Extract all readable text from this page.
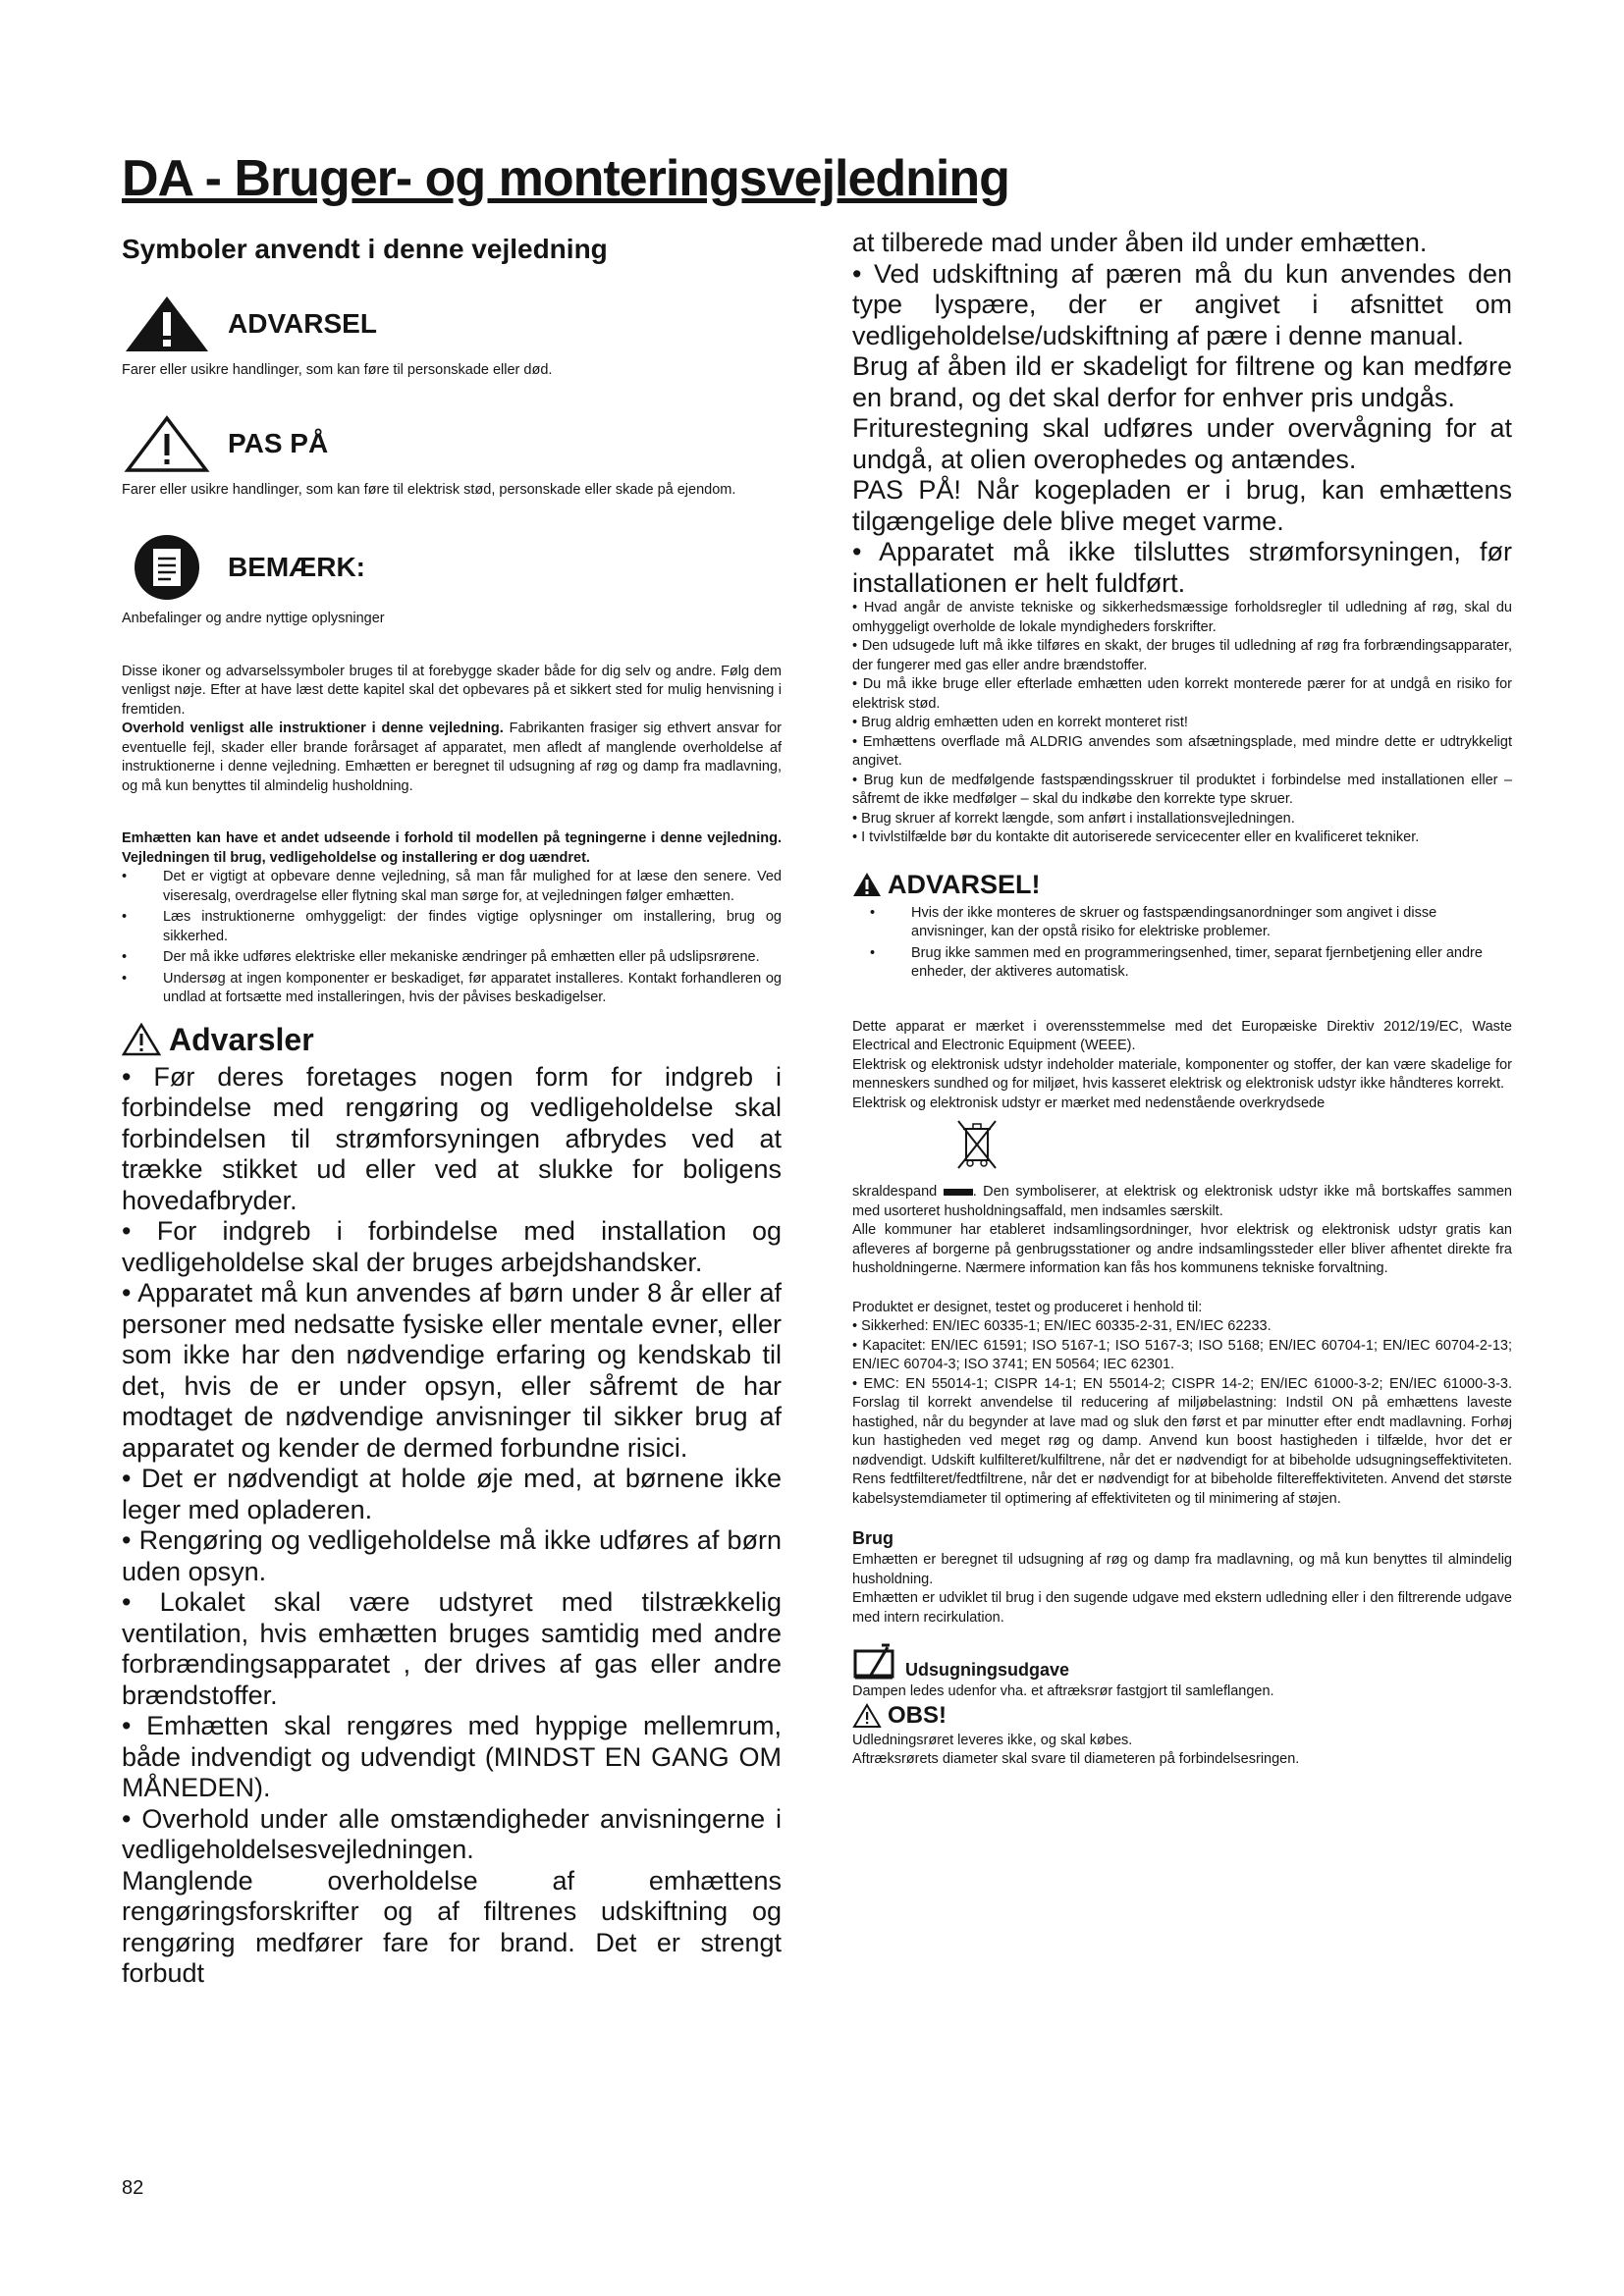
DA - Bruger- og monteringsvejledning
Symboler anvendt i denne vejledning
ADVARSEL

Farer eller usikre handlinger, som kan føre til personskade eller død.

PAS PÅ

Farer eller usikre handlinger, som kan føre til elektrisk stød, personskade eller skade på ejendom.

BEMÆRK:

Anbefalinger og andre nyttige oplysninger

Disse ikoner og advarselssymboler bruges til at forebygge skader både for dig selv og andre. Følg dem venligst nøje. Efter at have læst dette kapitel skal det opbevares på et sikkert sted for mulig henvisning i fremtiden.

Overhold venligst alle instruktioner i denne vejledning. Fabrikanten frasiger sig ethvert ansvar for eventuelle fejl, skader eller brande forårsaget af apparatet, men afledt af manglende overholdelse af instruktionerne i denne vejledning. Emhætten er beregnet til udsugning af røg og damp fra madlavning, og må kun benyttes til almindelig husholdning.

Emhætten kan have et andet udseende i forhold til modellen på tegningerne i denne vejledning. Vejledningen til brug, vedligeholdelse og installering er dog uændret.

• Det er vigtigt at opbevare denne vejledning, så man får mulighed for at læse den senere. Ved viseresalg, overdragelse eller flytning skal man sørge for, at vejledningen følger emhætten.
• Læs instruktionerne omhyggeligt: der findes vigtige oplysninger om installering, brug og sikkerhed.
• Der må ikke udføres elektriske eller mekaniske ændringer på emhætten eller på udslipsrørene.
• Undersøg at ingen komponenter er beskadiget, før apparatet installeres. Kontakt forhandleren og undlad at fortsætte med installeringen, hvis der påvises beskadigelser.
Advarsler

• Før deres foretages nogen form for indgreb i forbindelse med rengøring og vedligeholdelse skal forbindelsen til strømforsyningen afbrydes ved at trække stikket ud eller ved at slukke for boligens hovedafbryder.

• For indgreb i forbindelse med installation og vedligeholdelse skal der bruges arbejdshandsker.

• Apparatet må kun anvendes af børn under 8 år eller af personer med nedsatte fysiske eller mentale evner, eller som ikke har den nødvendige erfaring og kendskab til det, hvis de er under opsyn, eller såfremt de har modtaget de nødvendige anvisninger til sikker brug af apparatet og kender de dermed forbundne risici.

• Det er nødvendigt at holde øje med, at børnene ikke leger med opladeren.

• Rengøring og vedligeholdelse må ikke udføres af børn uden opsyn.

• Lokalet skal være udstyret med tilstrækkelig ventilation, hvis emhætten bruges samtidig med andre forbrændingsapparatet , der drives af gas eller andre brændstoffer.

• Emhætten skal rengøres med hyppige mellemrum, både indvendigt og udvendigt (MINDST EN GANG OM MÅNEDEN).

• Overhold under alle omstændigheder anvisningerne i vedligeholdelsesvejledningen.

Manglende overholdelse af emhættens rengøringsforskrifter og af filtrenes udskiftning og rengøring medfører fare for brand. Det er strengt forbudt

at tilberede mad under åben ild under emhætten.

• Ved udskiftning af pæren må du kun anvendes den type lyspære, der er angivet i afsnittet om vedligeholdelse/udskiftning af pære i denne manual.

Brug af åben ild er skadeligt for filtrene og kan medføre en brand, og det skal derfor for enhver pris undgås.

Friturestegning skal udføres under overvågning for at undgå, at olien overophedes og antændes.

PAS PÅ! Når kogepladen er i brug, kan emhættens tilgængelige dele blive meget varme.

• Apparatet må ikke tilsluttes strømforsyningen, før installationen er helt fuldført.

• Hvad angår de anviste tekniske og sikkerhedsmæssige forholdsregler til udledning af røg, skal du omhyggeligt overholde de lokale myndigheders forskrifter.

• Den udsugede luft må ikke tilføres en skakt, der bruges til udledning af røg fra forbrændingsapparater, der fungerer med gas eller andre brændstoffer.

• Du må ikke bruge eller efterlade emhætten uden korrekt monterede pærer for at undgå en risiko for elektrisk stød.

• Brug aldrig emhætten uden en korrekt monteret rist!

• Emhættens overflade må ALDRIG anvendes som afsætningsplade, med mindre dette er udtrykkeligt angivet.

• Brug kun de medfølgende fastspændingsskruer til produktet i forbindelse med installationen eller – såfremt de ikke medfølger – skal du indkøbe den korrekte type skruer.

• Brug skruer af korrekt længde, som anført i installationsvejledningen.

• I tvivlstilfælde bør du kontakte dit autoriserede servicecenter eller en kvalificeret tekniker.

ADVARSEL!
• Hvis der ikke monteres de skruer og fastspændingsanordninger som angivet i disse anvisninger, kan der opstå risiko for elektriske problemer.
• Brug ikke sammen med en programmeringsenhed, timer, separat fjernbetjening eller andre enheder, der aktiveres automatisk.

Dette apparat er mærket i overensstemmelse med det Europæiske Direktiv 2012/19/EC, Waste Electrical and Electronic Equipment (WEEE).

Elektrisk og elektronisk udstyr indeholder materiale, komponenter og stoffer, der kan være skadelige for menneskers sundhed og for miljøet, hvis kasseret elektrisk og elektronisk udstyr ikke håndteres korrekt.

Elektrisk og elektronisk udstyr er mærket med nedenstående overkrydsede

skraldespand	. Den symboliserer, at elektrisk og elektronisk udstyr ikke må bortskaffes sammen med usorteret husholdningsaffald, men indsamles særskilt.

Alle kommuner har etableret indsamlingsordninger, hvor elektrisk og elektronisk udstyr gratis kan afleveres af borgerne på genbrugsstationer og andre indsamlingssteder eller bliver afhentet direkte fra husholdningerne. Nærmere information kan fås hos kommunens tekniske forvaltning.

Produktet er designet, testet og produceret i henhold til:

• Sikkerhed: EN/IEC 60335-1; EN/IEC 60335-2-31, EN/IEC 62233.

• Kapacitet: EN/IEC 61591; ISO 5167-1; ISO 5167-3; ISO 5168; EN/IEC 60704-1; EN/IEC 60704-2-13; EN/IEC 60704-3; ISO 3741; EN 50564; IEC 62301.

• EMC: EN 55014-1; CISPR 14-1; EN 55014-2; CISPR 14-2; EN/IEC 61000-3-2; EN/IEC 61000-3-3. Forslag til korrekt anvendelse til reducering af miljøbelastning: Indstil ON på emhættens laveste hastighed, når du begynder at lave mad og sluk den først et par minutter efter endt madlavning. Forhøj kun hastigheden ved meget røg og damp. Anvend kun boost hastigheden i tilfælde, hvor det er nødvendigt. Udskift kulfilteret/kulfiltrene, når det er nødvendigt for at bibeholde udsugningseffektiviteten. Rens fedtfilteret/fedtfiltrene, når det er nødvendigt for at bibeholde filtereffektiviteten. Anvend det største kabelsystemdiameter til optimering af effektiviteten og til minimering af støjen.

Brug

Emhætten er beregnet til udsugning af røg og damp fra madlavning, og må kun benyttes til almindelig husholdning.

Emhætten er udviklet til brug i den sugende udgave med ekstern udledning eller i den filtrerende udgave med intern recirkulation.

Udsugningsudgave

Dampen ledes udenfor vha. et aftræksrør fastgjort til samleflangen.

OBS!

Udledningsrøret leveres ikke, og skal købes.

Aftræksrørets diameter skal svare til diameteren på forbindelsesringen.

82
